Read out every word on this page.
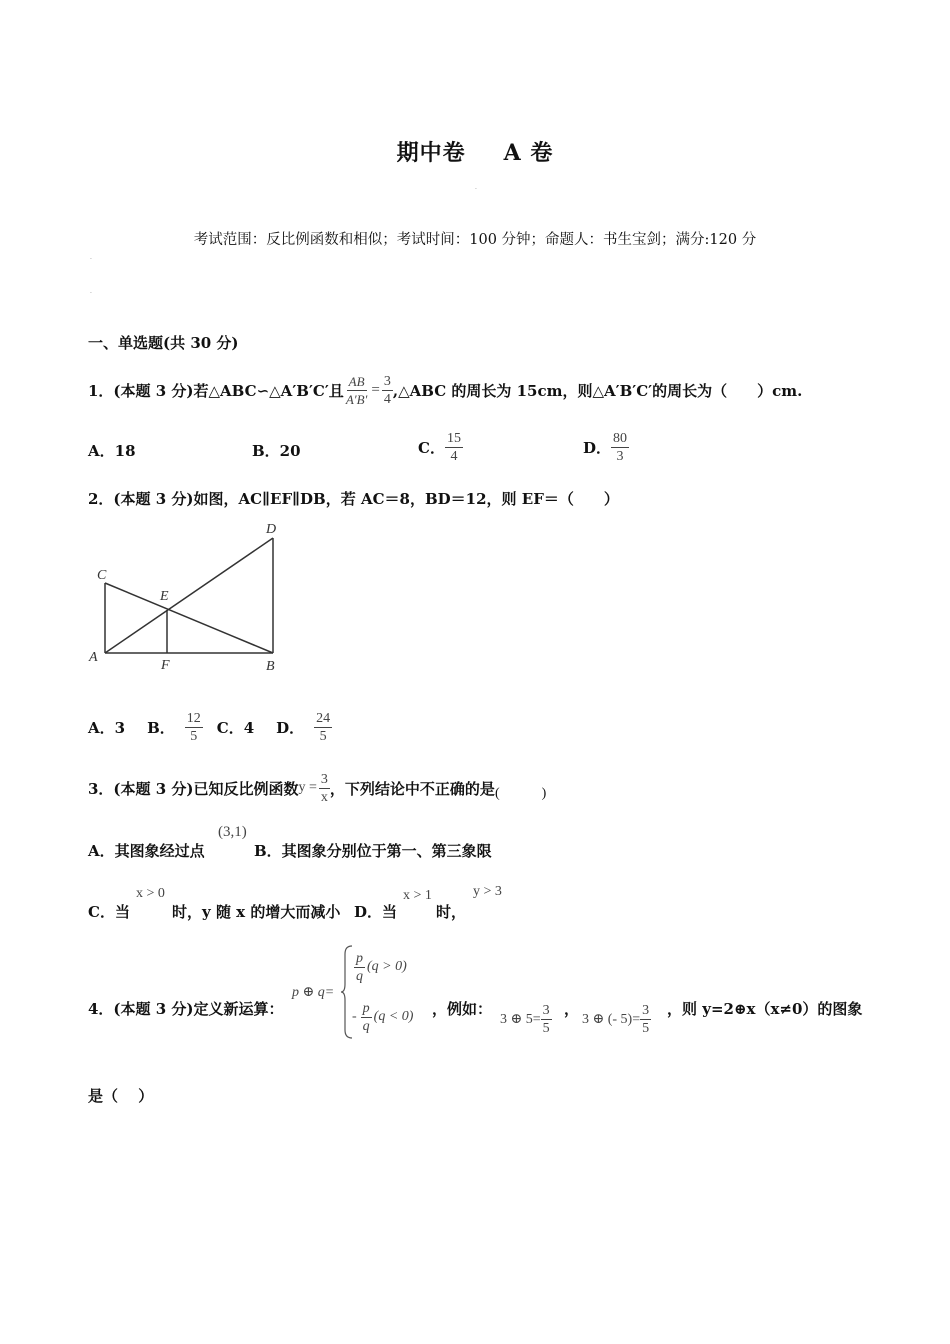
期中卷 A 卷
.
考试范围：反比例函数和相似；考试时间：100 分钟；命题人：书生宝剑；满分:120 分
.
.
一、单选题(共 30 分)
1．(本题 3 分)若△ABC∽△A′B′C′且 $\frac{AB}{A'B'} = \frac{3}{4}$ ,△ABC 的周长为 15cm，则△A′B′C′的周长为（　　）cm.
A．18	B．20	C． $\frac{15}{4}$	D． $\frac{80}{3}$
2．(本题 3 分)如图，AC∥EF∥DB，若 AC＝8，BD＝12，则 EF＝（　　）
A
B
C
D
E
F
A．3 B． $\frac{12}{5}$ C．4 D． $\frac{24}{5}$
3．(本题 3 分)已知反比例函数 $y = \frac{3}{x}$ ，下列结论中不正确的是 (　　　)
A．其图象经过点
(3,1)
B．其图象分别位于第一、第三象限
C．当
x > 0
时，y 随 x 的增大而减小 D．当
x > 1
时，
y > 3
4．(本题 3 分)定义新运算：
p ⊕ q=
$\frac{p}{q} (q > 0)$
- $\frac{p}{q} (q < 0)$ ，例如：
3 ⊕ $5= \frac{3}{5}$ ，
3 ⊕ (- $5)= \frac{3}{5}$ ，则 y=2⊕x（x≠0）的图象
是（　 ）
